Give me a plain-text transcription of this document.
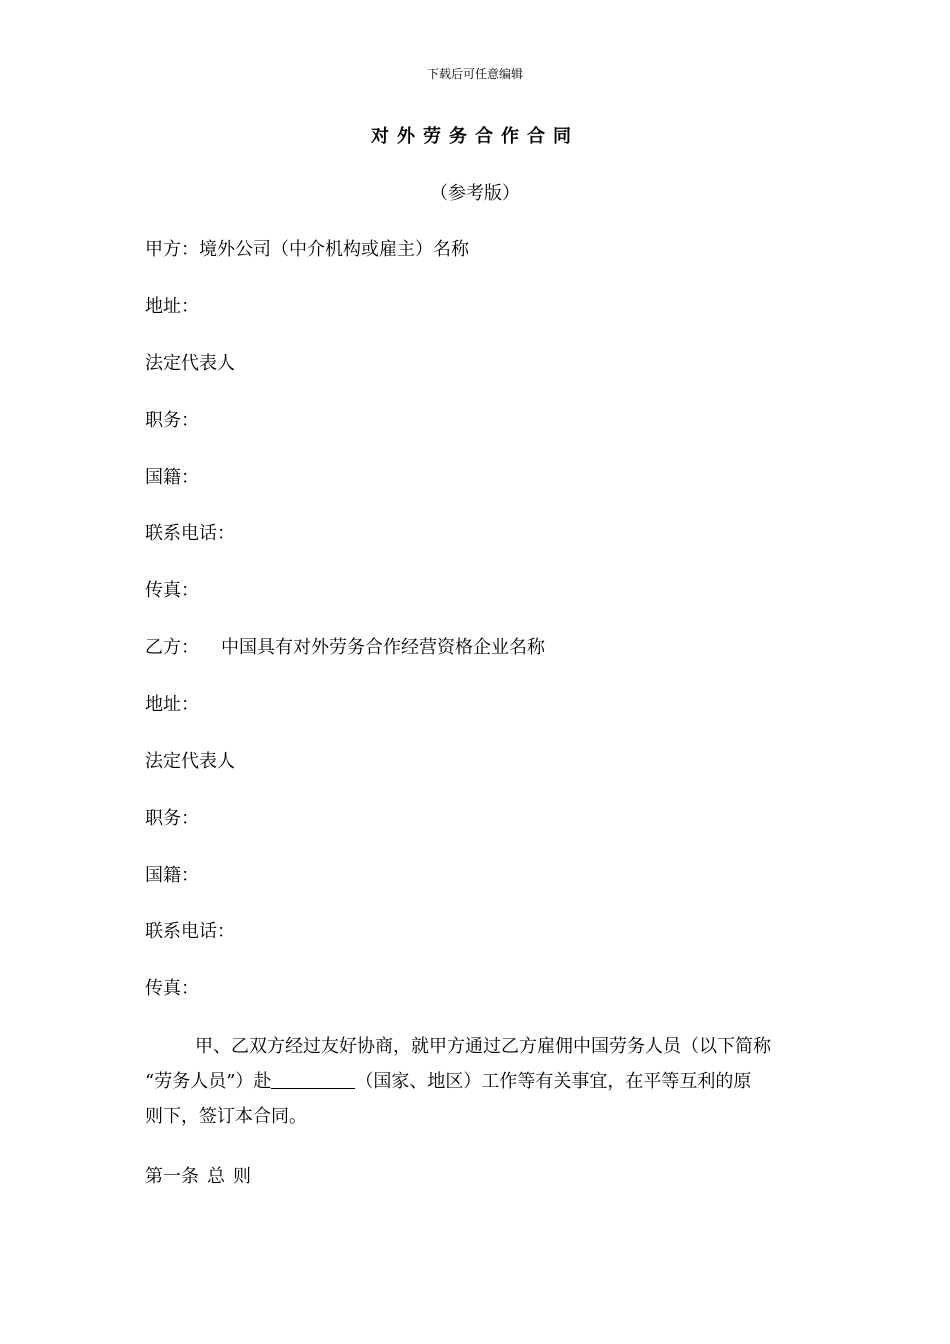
下载后可任意编辑
对外劳务合作合同
（参考版）
甲方：境外公司（中介机构或雇主）名称
地址：
法定代表人
职务：
国籍：
联系电话：
传真：
乙方： 中国具有对外劳务合作经营资格企业名称
地址：
法定代表人
职务：
国籍：
联系电话：
传真：
甲、乙双方经过友好协商，就甲方通过乙方雇佣中国劳务人员（以下简称
“劳务人员”）赴	（国家、地区）工作等有关事宜，在平等互利的原
则下，签订本合同。
第一条 总 则
